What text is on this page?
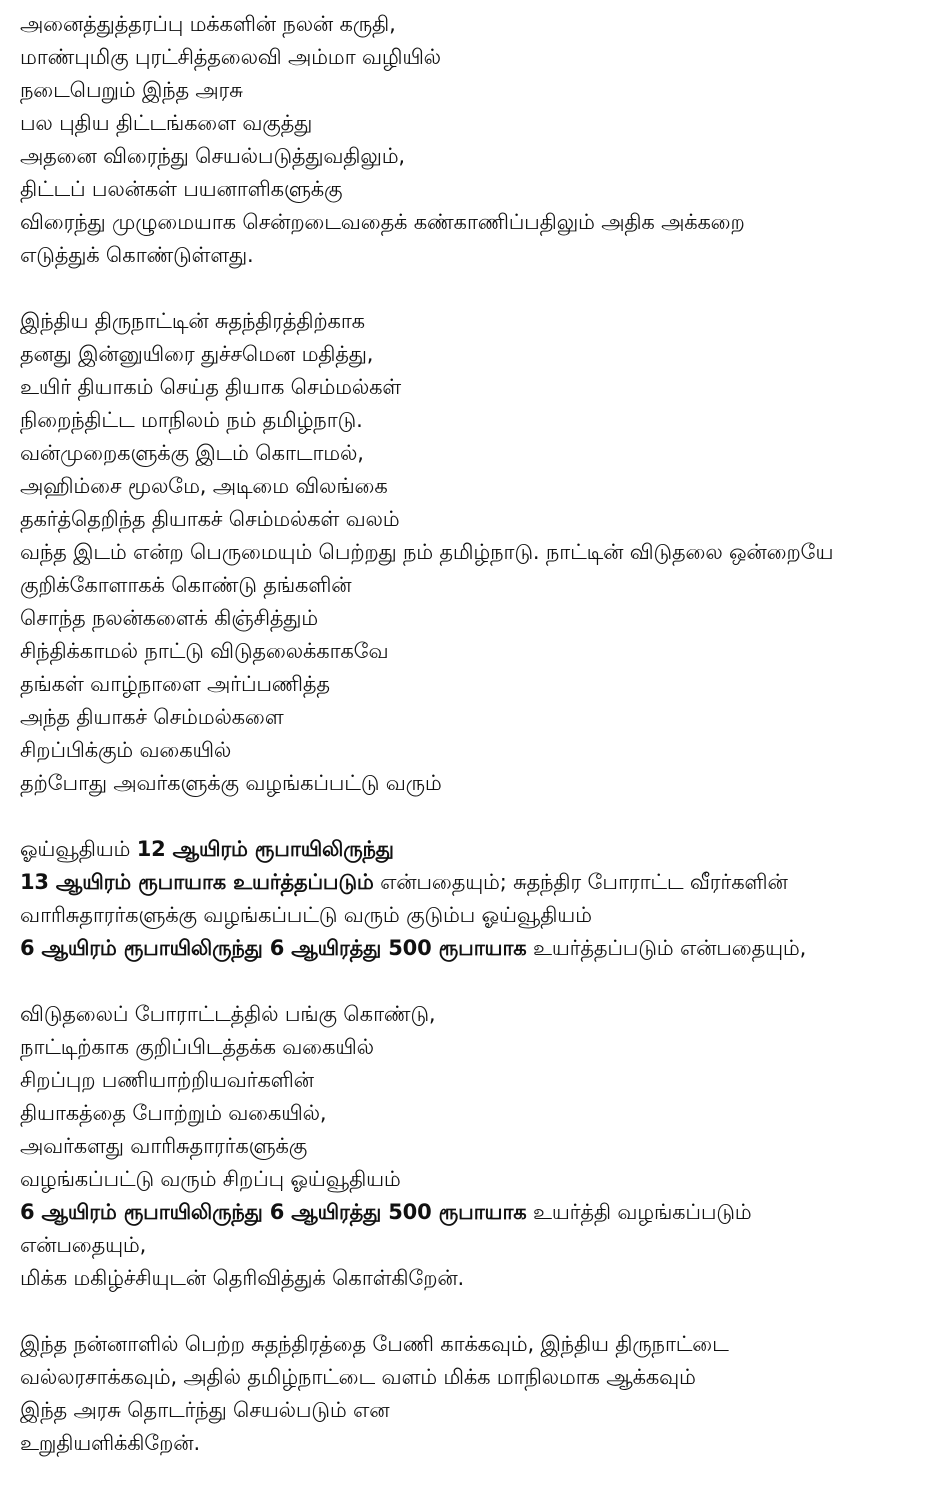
அனைத்துத்தரப்பு மக்களின் நலன் கருதி,
மாண்புமிகு புரட்சித்தலைவி அம்மா வழியில்
நடைபெறும் இந்த அரசு
பல புதிய திட்டங்களை வகுத்து
அதனை விரைந்து செயல்படுத்துவதிலும்,
திட்டப் பலன்கள் பயனாளிகளுக்கு
விரைந்து முழுமையாக சென்றடைவதைக் கண்காணிப்பதிலும் அதிக அக்கறை
எடுத்துக் கொண்டுள்ளது.
இந்திய திருநாட்டின் சுதந்திரத்திற்காக
தனது இன்னுயிரை துச்சமென மதித்து,
உயிர் தியாகம் செய்த தியாக செம்மல்கள்
நிறைந்திட்ட மாநிலம் நம் தமிழ்நாடு.
வன்முறைகளுக்கு இடம் கொடாமல்,
அஹிம்சை மூலமே, அடிமை விலங்கை
தகர்த்தெறிந்த தியாகச் செம்மல்கள் வலம்
வந்த இடம் என்ற பெருமையும் பெற்றது நம் தமிழ்நாடு. நாட்டின் விடுதலை ஒன்றையே
குறிக்கோளாகக் கொண்டு தங்களின்
சொந்த நலன்களைக் கிஞ்சித்தும்
சிந்திக்காமல் நாட்டு விடுதலைக்காகவே
தங்கள் வாழ்நாளை அர்ப்பணித்த
அந்த தியாகச் செம்மல்களை
சிறப்பிக்கும் வகையில்
தற்போது அவர்களுக்கு வழங்கப்பட்டு வரும்
ஓய்வூதியம் 12 ஆயிரம் ரூபாயிலிருந்து
13 ஆயிரம் ரூபாயாக உயர்த்தப்படும் என்பதையும்; சுதந்திர போராட்ட வீரர்களின்
வாரிசுதாரர்களுக்கு வழங்கப்பட்டு வரும் குடும்ப ஓய்வூதியம்
6 ஆயிரம் ரூபாயிலிருந்து 6 ஆயிரத்து 500 ரூபாயாக உயர்த்தப்படும் என்பதையும்,
விடுதலைப் போராட்டத்தில் பங்கு கொண்டு,
நாட்டிற்காக குறிப்பிடத்தக்க வகையில்
சிறப்புற பணியாற்றியவர்களின்
தியாகத்தை போற்றும் வகையில்,
அவர்களது வாரிசுதாரர்களுக்கு
வழங்கப்பட்டு வரும் சிறப்பு ஓய்வூதியம்
6 ஆயிரம் ரூபாயிலிருந்து 6 ஆயிரத்து 500 ரூபாயாக உயர்த்தி வழங்கப்படும்
என்பதையும்,
மிக்க மகிழ்ச்சியுடன் தெரிவித்துக் கொள்கிறேன்.
இந்த நன்னாளில் பெற்ற சுதந்திரத்தை பேணி காக்கவும், இந்திய திருநாட்டை
வல்லரசாக்கவும், அதில் தமிழ்நாட்டை வளம் மிக்க மாநிலமாக ஆக்கவும்
இந்த அரசு தொடர்ந்து செயல்படும் என
உறுதியளிக்கிறேன்.
